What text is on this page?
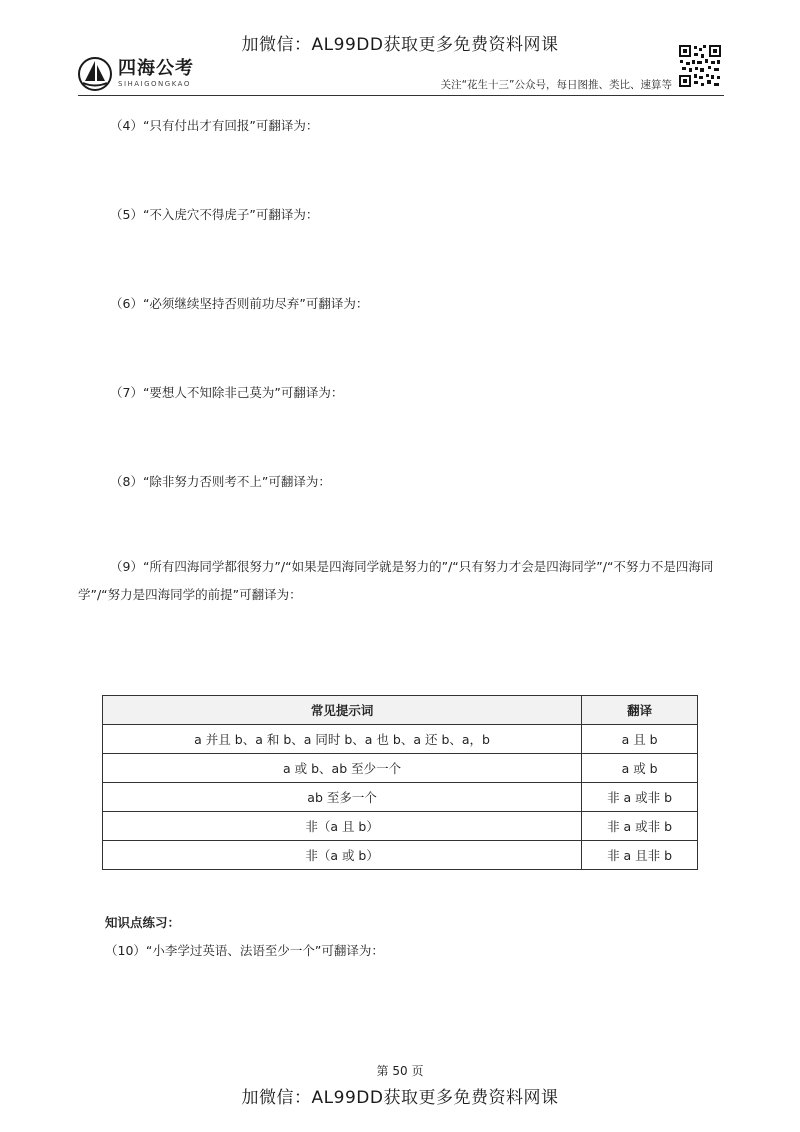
加微信：AL99DD获取更多免费资料网课
四海公考
SIHAIGONGKAO	关注“花生十三”公众号，每日图推、类比、速算等
（4）“只有付出才有回报”可翻译为：
（5）“不入虎穴不得虎子”可翻译为：
（6）“必须继续坚持否则前功尽弃”可翻译为：
（7）“要想人不知除非己莫为”可翻译为：
（8）“除非努力否则考不上”可翻译为：
（9）“所有四海同学都很努力”/“如果是四海同学就是努力的”/“只有努力才会是四海同学”/“不努力不是四海同学”/“努力是四海同学的前提”可翻译为：
常见提示词	翻译
a 并且 b、a 和 b、a 同时 b、a 也 b、a 还 b、a，b	a 且 b
a 或 b、ab 至少一个	a 或 b
ab 至多一个	非 a 或非 b
非（a 且 b）	非 a 或非 b
非（a 或 b）	非 a 且非 b
知识点练习：
（10）“小李学过英语、法语至少一个”可翻译为：
第 50 页
加微信：AL99DD获取更多免费资料网课
